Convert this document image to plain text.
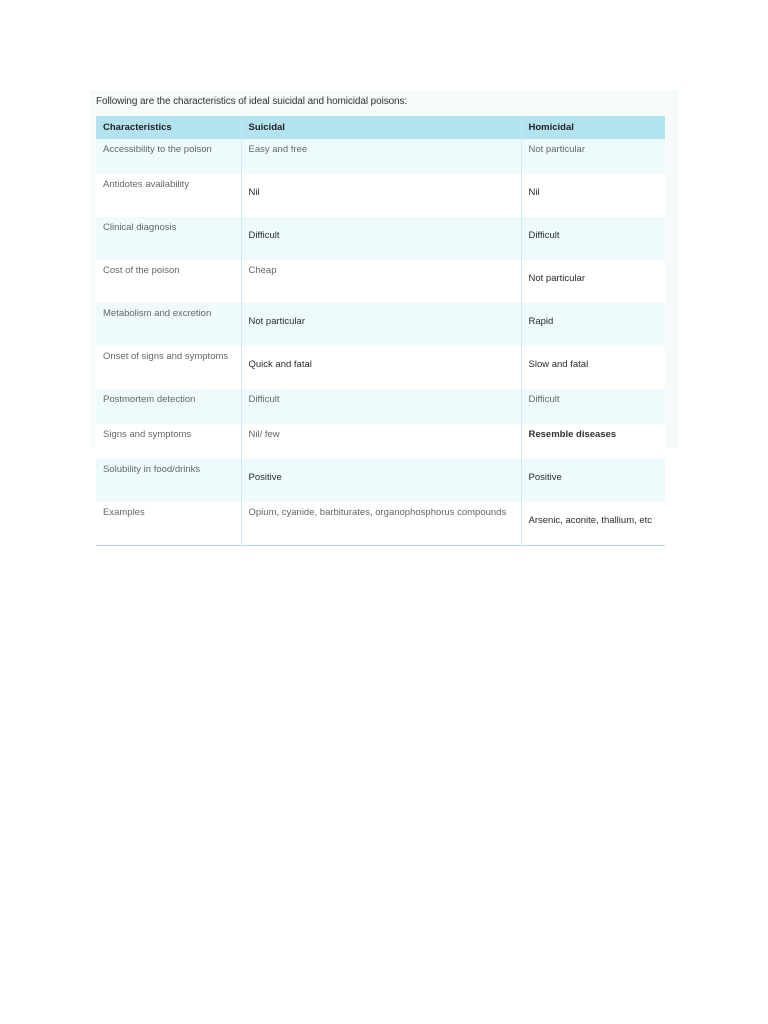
Following are the characteristics of ideal suicidal and homicidal poisons:
Characteristics	Suicidal	Homicidal
Accessibility to the poison	Easy and free	Not particular
Antidotes availability	Nil	Nil
Clinical diagnosis	Difficult	Difficult
Cost of the poison	Cheap	Not particular
Metabolism and excretion	Not particular	Rapid
Onset of signs and symptoms	Quick and fatal	Slow and fatal
Postmortem detection	Difficult	Difficult
Signs and symptoms	Nil/ few	Resemble diseases
Solubility in food/drinks	Positive	Positive
Examples	Opium, cyanide, barbiturates, organophosphorus compounds	Arsenic, aconite, thallium, etc
